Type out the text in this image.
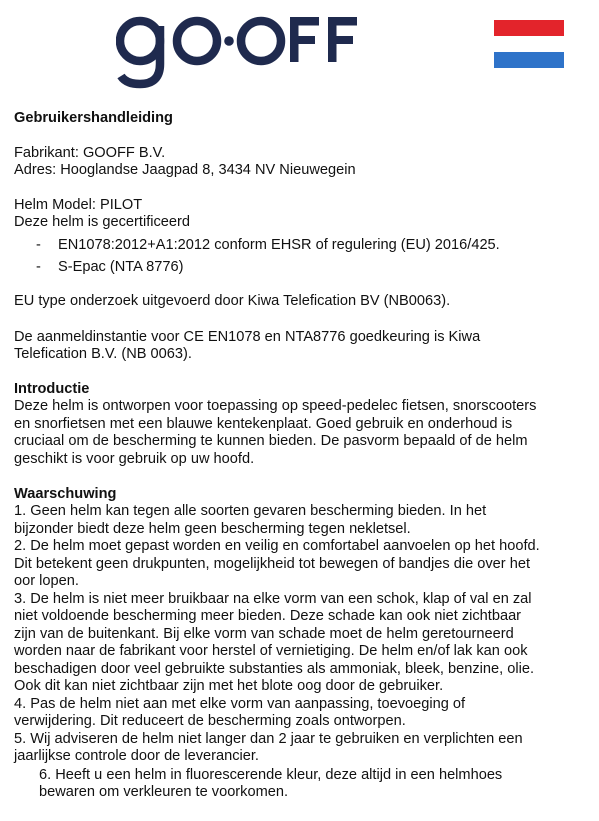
Gebruikershandleiding

Fabrikant: GOOFF B.V.

Adres: Hooglandse Jaagpad 8, 3434 NV Nieuwegein

Helm Model: PILOT

Deze helm is gecertificeerd

- EN1078:2012+A1:2012 conform EHSR of regulering (EU) 2016/425.
- S-Epac (NTA 8776)

EU type onderzoek uitgevoerd door Kiwa Telefication BV (NB0063).

De aanmeldinstantie voor CE EN1078 en NTA8776 goedkeuring is Kiwa

Telefication B.V. (NB 0063).

Introductie

Deze helm is ontworpen voor toepassing op speed-pedelec fietsen, snorscooters

en snorfietsen met een blauwe kentekenplaat. Goed gebruik en onderhoud is

cruciaal om de bescherming te kunnen bieden. De pasvorm bepaald of de helm

geschikt is voor gebruik op uw hoofd.

Waarschuwing

1. Geen helm kan tegen alle soorten gevaren bescherming bieden. In het

bijzonder biedt deze helm geen bescherming tegen nekletsel.

2. De helm moet gepast worden en veilig en comfortabel aanvoelen op het hoofd.

Dit betekent geen drukpunten, mogelijkheid tot bewegen of bandjes die over het

oor lopen.

3. De helm is niet meer bruikbaar na elke vorm van een schok, klap of val en zal

niet voldoende bescherming meer bieden. Deze schade kan ook niet zichtbaar

zijn van de buitenkant. Bij elke vorm van schade moet de helm geretourneerd

worden naar de fabrikant voor herstel of vernietiging. De helm en/of lak kan ook

beschadigen door veel gebruikte substanties als ammoniak, bleek, benzine, olie.

Ook dit kan niet zichtbaar zijn met het blote oog door de gebruiker.

4. Pas de helm niet aan met elke vorm van aanpassing, toevoeging of

verwijdering. Dit reduceert de bescherming zoals ontworpen.

5. Wij adviseren de helm niet langer dan 2 jaar te gebruiken en verplichten een

jaarlijkse controle door de leverancier.

6. Heeft u een helm in fluorescerende kleur, deze altijd in een helmhoes

bewaren om verkleuren te voorkomen.
